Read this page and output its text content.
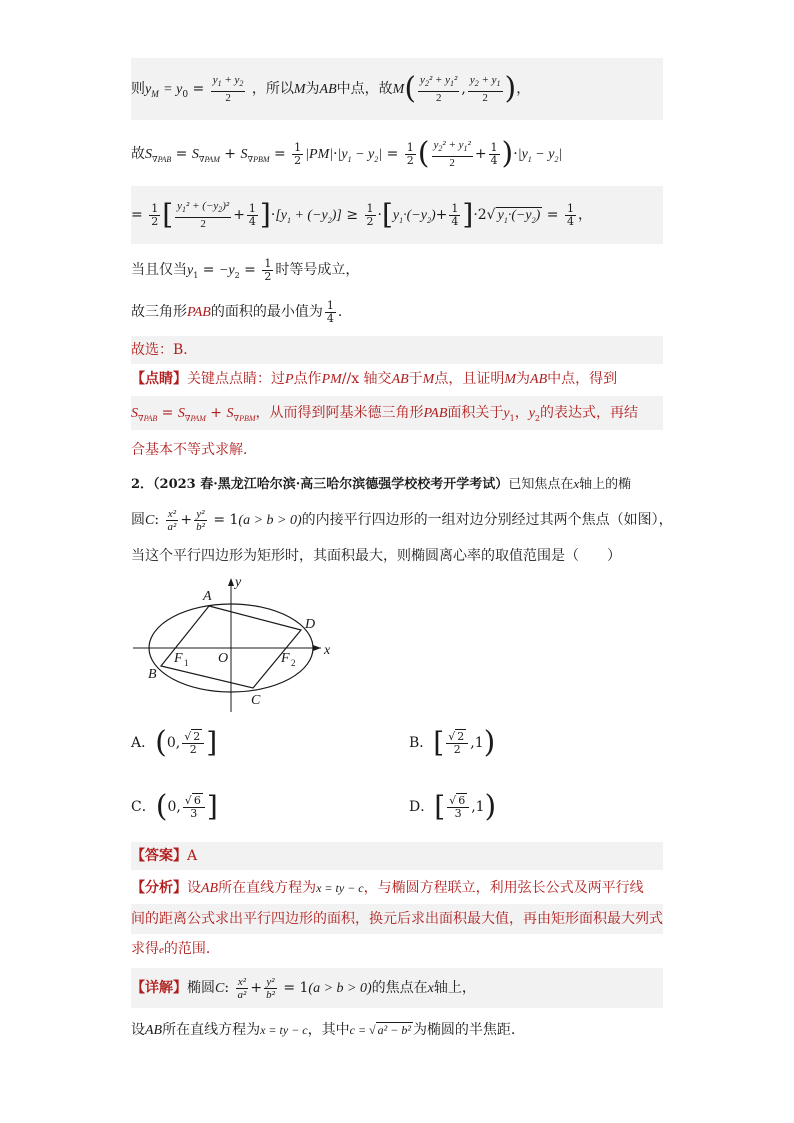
则$y_M = y_0 = \frac{y_1 + y_2}{2}$ ，所以M为AB中点，故$M( \frac{y_2^2 + y_1^2}{2}$ , $\frac{y_2 + y_1}{2}$ )，
故$S_{\nabla PAB} = S_{\nabla PAM} + S_{\nabla PBM} = \frac{1}{2} |PM|\cdot|y_1 - y_2| = \frac{1}{2}$ ( $\frac{y_2^2 + y_1^2}{2} + \frac{1}{4} )\cdot|y_1 - y_2|$
= $\frac{1}{2}$ [ $\frac{y_1^2 + (-y_2)^2}{2} + \frac{1}{4} ]\cdot[y_1 + (-y_2)] \ge \frac{1}{2} \cdot[y_1\cdot(-y_2)+ \frac{1}{4} ]\cdot 2√$ $y_1\cdot(-y_2) = \frac{1}{4}$ ，
当且仅当$y_1 = -y_2 = \frac{1}{2}$ 时等号成立，
故三角形PAB的面积的最小值为 $\frac{1}{4}$ .
故选：B．
【点睛】关键点点睛：过P点作PM//x 轴交AB于M点，且证明M为AB中点，得到
$S_{\nabla PAB} = S_{\nabla PAM} + S_{\nabla PBM}$，从而得到阿基米德三角形PAB面积关于$y_1$，$y_2$的表达式，再结
合基本不等式求解．
2．（2023 春·黑龙江哈尔滨·高三哈尔滨德强学校校考开学考试）已知焦点在x轴上的椭
圆C: $\frac{\text{x²}}{\text{a²}} + \frac{\text{y²}}{\text{b²}} = 1(a > b > 0)$的内接平行四边形的一组对边分别经过其两个焦点（如图），
当这个平行四边形为矩形时，其面积最大，则椭圆离心率的取值范围是（　　）
A
B
C
D
O
F 1	F 2
x
y
A．(0, $\frac{√ 2}{2}$ ]	B．[ $\frac{√ 2}{2} ,1$)
C．(0, $\frac{√ 6}{3}$ ]	D．[ $\frac{√ 6}{3} ,1$)
【答案】A
【分析】设AB所在直线方程为x = ty − c，与椭圆方程联立，利用弦长公式及两平行线
间的距离公式求出平行四边形的面积，换元后求出面积最大值，再由矩形面积最大列式
求得e的范围．
【详解】椭圆C: $\frac{\text{x²}}{\text{a²}} + \frac{\text{y²}}{\text{b²}} = 1(a > b > 0)$的焦点在x轴上，
设AB所在直线方程为x = ty − c，其中c = √ a² − b² 为椭圆的半焦距.
